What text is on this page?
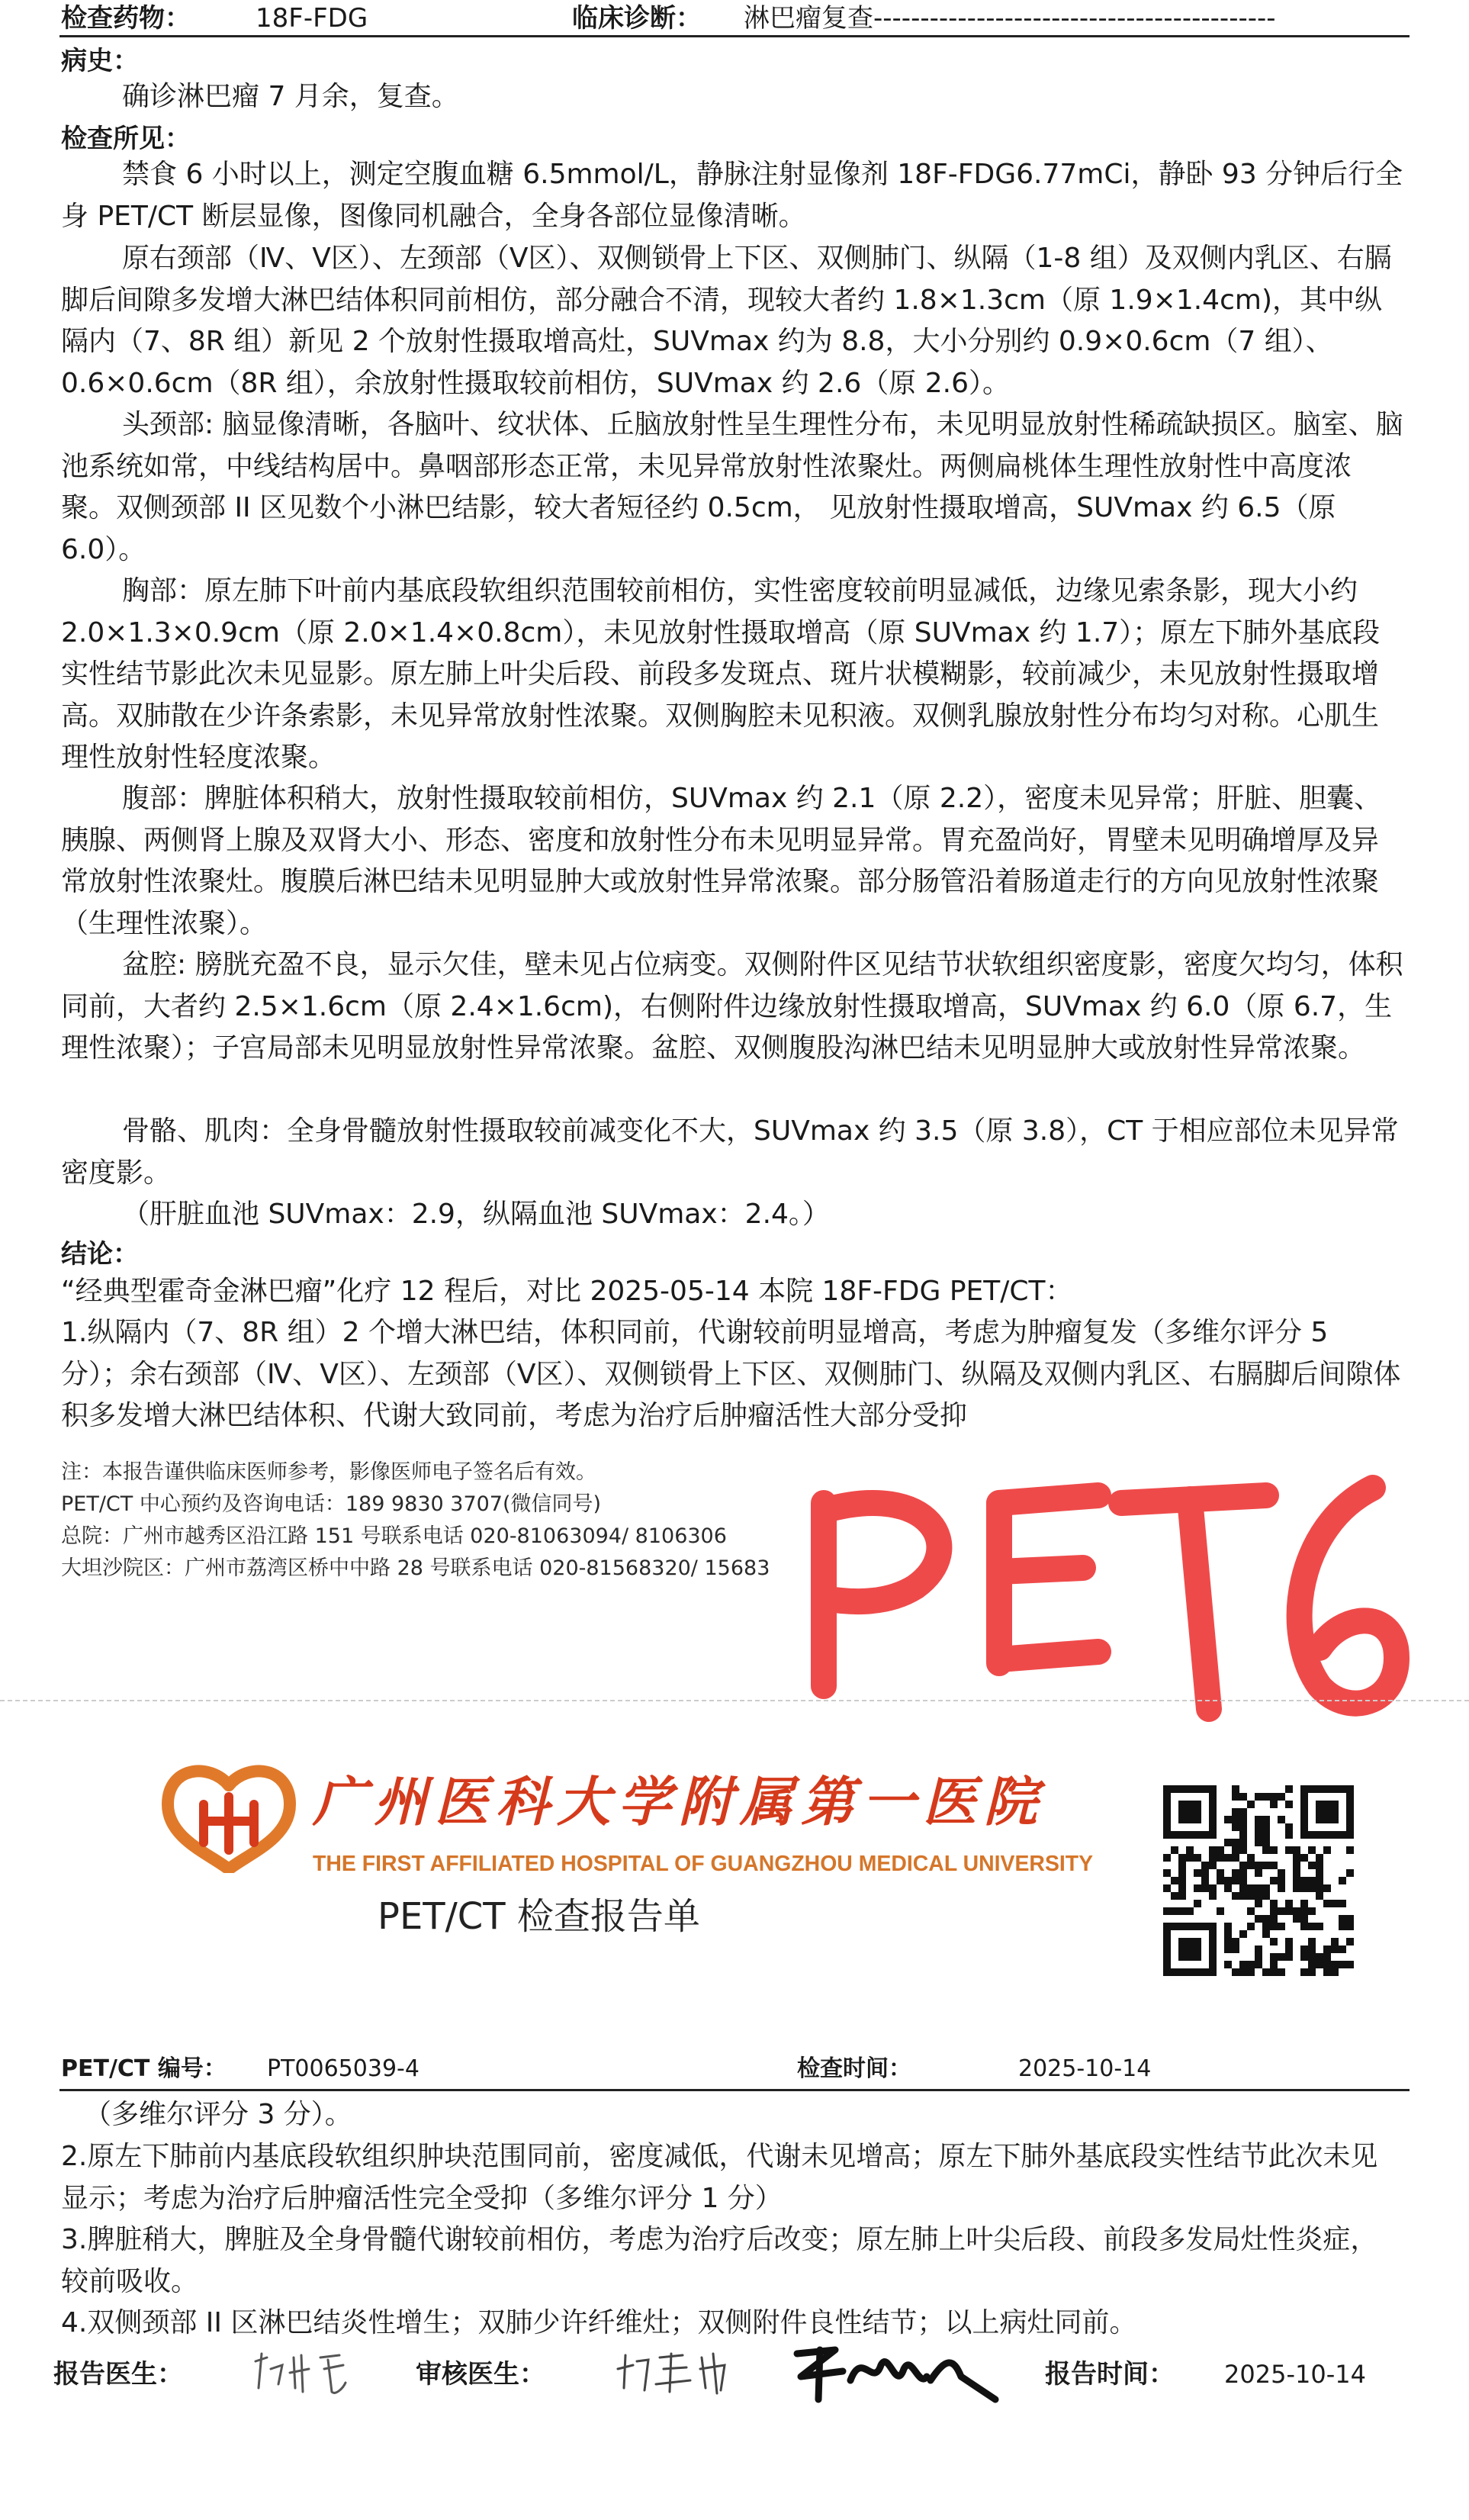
检查药物：	18F-FDG	临床诊断： 淋巴瘤复查-------------------------------------------
病史：
确诊淋巴瘤 7 月余，复查。
检查所见：
禁食 6 小时以上，测定空腹血糖 6.5mmol/L，静脉注射显像剂 18F-FDG6.77mCi，静卧 93 分钟后行全身 PET/CT 断层显像，图像同机融合，全身各部位显像清晰。
原右颈部（Ⅳ、Ⅴ区）、左颈部（Ⅴ区）、双侧锁骨上下区、双侧肺门、纵隔（1-8 组）及双侧内乳区、右膈脚后间隙多发增大淋巴结体积同前相仿，部分融合不清，现较大者约 1.8×1.3cm（原 1.9×1.4cm)，其中纵隔内（7、8R 组）新见 2 个放射性摄取增高灶，SUVmax 约为 8.8，大小分别约 0.9×0.6cm（7 组）、0.6×0.6cm（8R 组），余放射性摄取较前相仿，SUVmax 约 2.6（原 2.6）。
头颈部: 脑显像清晰，各脑叶、纹状体、丘脑放射性呈生理性分布，未见明显放射性稀疏缺损区。脑室、脑池系统如常，中线结构居中。鼻咽部形态正常，未见异常放射性浓聚灶。两侧扁桃体生理性放射性中高度浓聚。双侧颈部 II 区见数个小淋巴结影，较大者短径约 0.5cm， 见放射性摄取增高，SUVmax 约 6.5（原 6.0）。
胸部：原左肺下叶前内基底段软组织范围较前相仿，实性密度较前明显减低，边缘见索条影，现大小约 2.0×1.3×0.9cm（原 2.0×1.4×0.8cm），未见放射性摄取增高（原 SUVmax 约 1.7）；原左下肺外基底段实性结节影此次未见显影。原左肺上叶尖后段、前段多发斑点、斑片状模糊影，较前减少，未见放射性摄取增高。双肺散在少许条索影，未见异常放射性浓聚。双侧胸腔未见积液。双侧乳腺放射性分布均匀对称。心肌生理性放射性轻度浓聚。
腹部：脾脏体积稍大，放射性摄取较前相仿，SUVmax 约 2.1（原 2.2），密度未见异常；肝脏、胆囊、胰腺、两侧肾上腺及双肾大小、形态、密度和放射性分布未见明显异常。胃充盈尚好，胃壁未见明确增厚及异常放射性浓聚灶。腹膜后淋巴结未见明显肿大或放射性异常浓聚。部分肠管沿着肠道走行的方向见放射性浓聚（生理性浓聚）。
盆腔: 膀胱充盈不良，显示欠佳，壁未见占位病变。双侧附件区见结节状软组织密度影，密度欠均匀，体积同前，大者约 2.5×1.6cm（原 2.4×1.6cm)，右侧附件边缘放射性摄取增高，SUVmax 约 6.0（原 6.7，生理性浓聚）；子宫局部未见明显放射性异常浓聚。盆腔、双侧腹股沟淋巴结未见明显肿大或放射性异常浓聚。
骨骼、肌肉：全身骨髓放射性摄取较前减变化不大，SUVmax 约 3.5（原 3.8），CT 于相应部位未见异常密度影。
（肝脏血池 SUVmax：2.9，纵隔血池 SUVmax：2.4。）
结论：
“经典型霍奇金淋巴瘤”化疗 12 程后，对比 2025-05-14 本院 18F-FDG PET/CT：
1.纵隔内（7、8R 组）2 个增大淋巴结，体积同前，代谢较前明显增高，考虑为肿瘤复发（多维尔评分 5 分）；余右颈部（Ⅳ、Ⅴ区）、左颈部（Ⅴ区）、双侧锁骨上下区、双侧肺门、纵隔及双侧内乳区、右膈脚后间隙体积多发增大淋巴结体积、代谢大致同前，考虑为治疗后肿瘤活性大部分受抑
注：本报告谨供临床医师参考，影像医师电子签名后有效。
PET/CT 中心预约及咨询电话：189 9830 3707(微信同号)
总院：广州市越秀区沿江路 151 号联系电话 020-81063094/ 8106306
大坦沙院区：广州市荔湾区桥中中路 28 号联系电话 020-81568320/ 15683
广州医科大学附属第一医院
THE FIRST AFFILIATED HOSPITAL OF GUANGZHOU MEDICAL UNIVERSITY
PET/CT 检查报告单
PET/CT 编号： PT0065039-4	检查时间：	2025-10-14
（多维尔评分 3 分）。
2.原左下肺前内基底段软组织肿块范围同前，密度减低，代谢未见增高；原左下肺外基底段实性结节此次未见显示；考虑为治疗后肿瘤活性完全受抑（多维尔评分 1 分）
3.脾脏稍大，脾脏及全身骨髓代谢较前相仿，考虑为治疗后改变；原左肺上叶尖后段、前段多发局灶性炎症，较前吸收。
4.双侧颈部 II 区淋巴结炎性增生；双肺少许纤维灶；双侧附件良性结节；以上病灶同前。
报告医生：	审核医生：	报告时间： 2025-10-14
